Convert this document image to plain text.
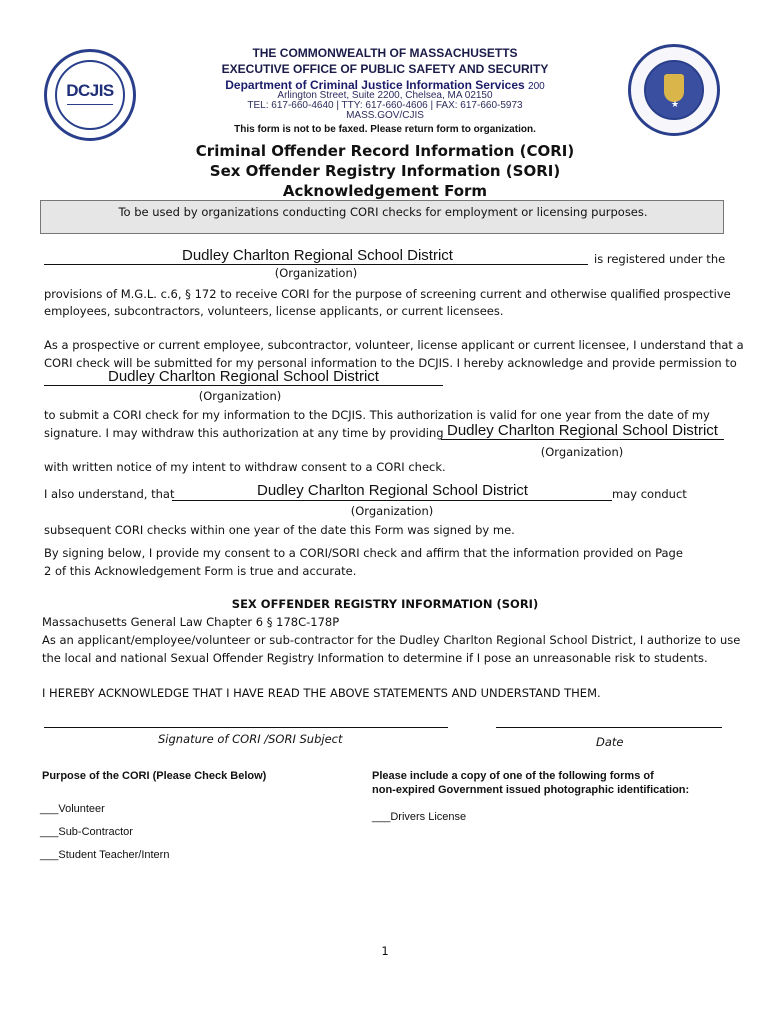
DCJIS
★
THE COMMONWEALTH OF MASSACHUSETTS
EXECUTIVE OFFICE OF PUBLIC SAFETY AND SECURITY
Department of Criminal Justice Information Services 200
Arlington Street, Suite 2200, Chelsea, MA 02150
TEL: 617-660-4640 | TTY: 617-660-4606 | FAX: 617-660-5973
MASS.GOV/CJIS
This form is not to be faxed. Please return form to organization.
Criminal Offender Record Information (CORI)
Sex Offender Registry Information (SORI)
Acknowledgement Form
To be used by organizations conducting CORI checks for employment or licensing purposes.
Dudley Charlton Regional School District	is registered under the
(Organization)
provisions of M.G.L. c.6, § 172 to receive CORI for the purpose of screening current and otherwise qualified prospective
employees, subcontractors, volunteers, license applicants, or current licensees.
As a prospective or current employee, subcontractor, volunteer, license applicant or current licensee, I understand that a
CORI check will be submitted for my personal information to the DCJIS. I hereby acknowledge and provide permission to
Dudley Charlton Regional School District
(Organization)
to submit a CORI check for my information to the DCJIS. This authorization is valid for one year from the date of my
signature. I may withdraw this authorization at any time by providing Dudley Charlton Regional School District
(Organization)
with written notice of my intent to withdraw consent to a CORI check.
I also understand, that	Dudley Charlton Regional School District	may conduct
(Organization)
subsequent CORI checks within one year of the date this Form was signed by me.
By signing below, I provide my consent to a CORI/SORI check and affirm that the information provided on Page
2 of this Acknowledgement Form is true and accurate.
SEX OFFENDER REGISTRY INFORMATION (SORI)
Massachusetts General Law Chapter 6 § 178C-178P
As an applicant/employee/volunteer or sub-contractor for the Dudley Charlton Regional School District, I authorize to use
the local and national Sexual Offender Registry Information to determine if I pose an unreasonable risk to students.
I HEREBY ACKNOWLEDGE THAT I HAVE READ THE ABOVE STATEMENTS AND UNDERSTAND THEM.
Signature of CORI /SORI Subject	Date
Purpose of the CORI (Please Check Below)
___Volunteer
___Sub-Contractor
___Student Teacher/Intern
Please include a copy of one of the following forms of
non-expired Government issued photographic identification:
___Drivers License
1
